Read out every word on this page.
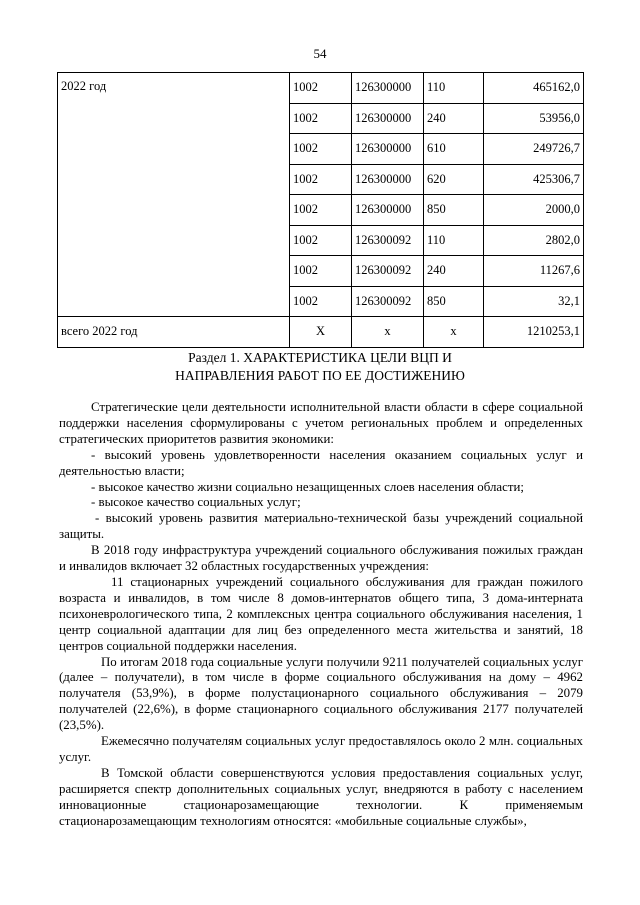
54
2022 год	1002	126300000	110	465162,0
	1002	126300000	240	53956,0
	1002	126300000	610	249726,7
	1002	126300000	620	425306,7
	1002	126300000	850	2000,0
	1002	126300092	110	2802,0
	1002	126300092	240	11267,6
	1002	126300092	850	32,1
всего 2022 год	Х	х	х	1210253,1
Раздел 1. ХАРАКТЕРИСТИКА ЦЕЛИ ВЦП И
НАПРАВЛЕНИЯ РАБОТ ПО ЕЕ ДОСТИЖЕНИЮ

Стратегические цели деятельности исполнительной власти области в сфере социальной поддержки населения сформулированы с учетом региональных проблем и определенных стратегических приоритетов развития экономики:

- высокий уровень удовлетворенности населения оказанием социальных услуг и деятельностью власти;

- высокое качество жизни социально незащищенных слоев населения области;

- высокое качество социальных услуг;

- высокий уровень развития материально-технической базы учреждений социальной защиты.

В 2018 году инфраструктура учреждений социального обслуживания пожилых граждан и инвалидов включает 32 областных государственных учреждения:

11 стационарных учреждений социального обслуживания для граждан пожилого возраста и инвалидов, в том числе 8 домов-интернатов общего типа, 3 дома-интерната психоневрологического типа, 2 комплексных центра социального обслуживания населения, 1 центр социальной адаптации для лиц без определенного места жительства и занятий, 18 центров социальной поддержки населения.

По итогам 2018 года социальные услуги получили 9211 получателей социальных услуг (далее – получатели), в том числе в форме социального обслуживания на дому – 4962 получателя (53,9%), в форме полустационарного социального обслуживания – 2079 получателей (22,6%), в форме стационарного социального обслуживания 2177 получателей (23,5%).

Ежемесячно получателям социальных услуг предоставлялось около 2 млн. социальных услуг.

В Томской области совершенствуются условия предоставления социальных услуг, расширяется спектр дополнительных социальных услуг, внедряются в работу с населением инновационные стационарозамещающие технологии. К применяемым стационарозамещающим технологиям относятся: «мобильные социальные службы»,
